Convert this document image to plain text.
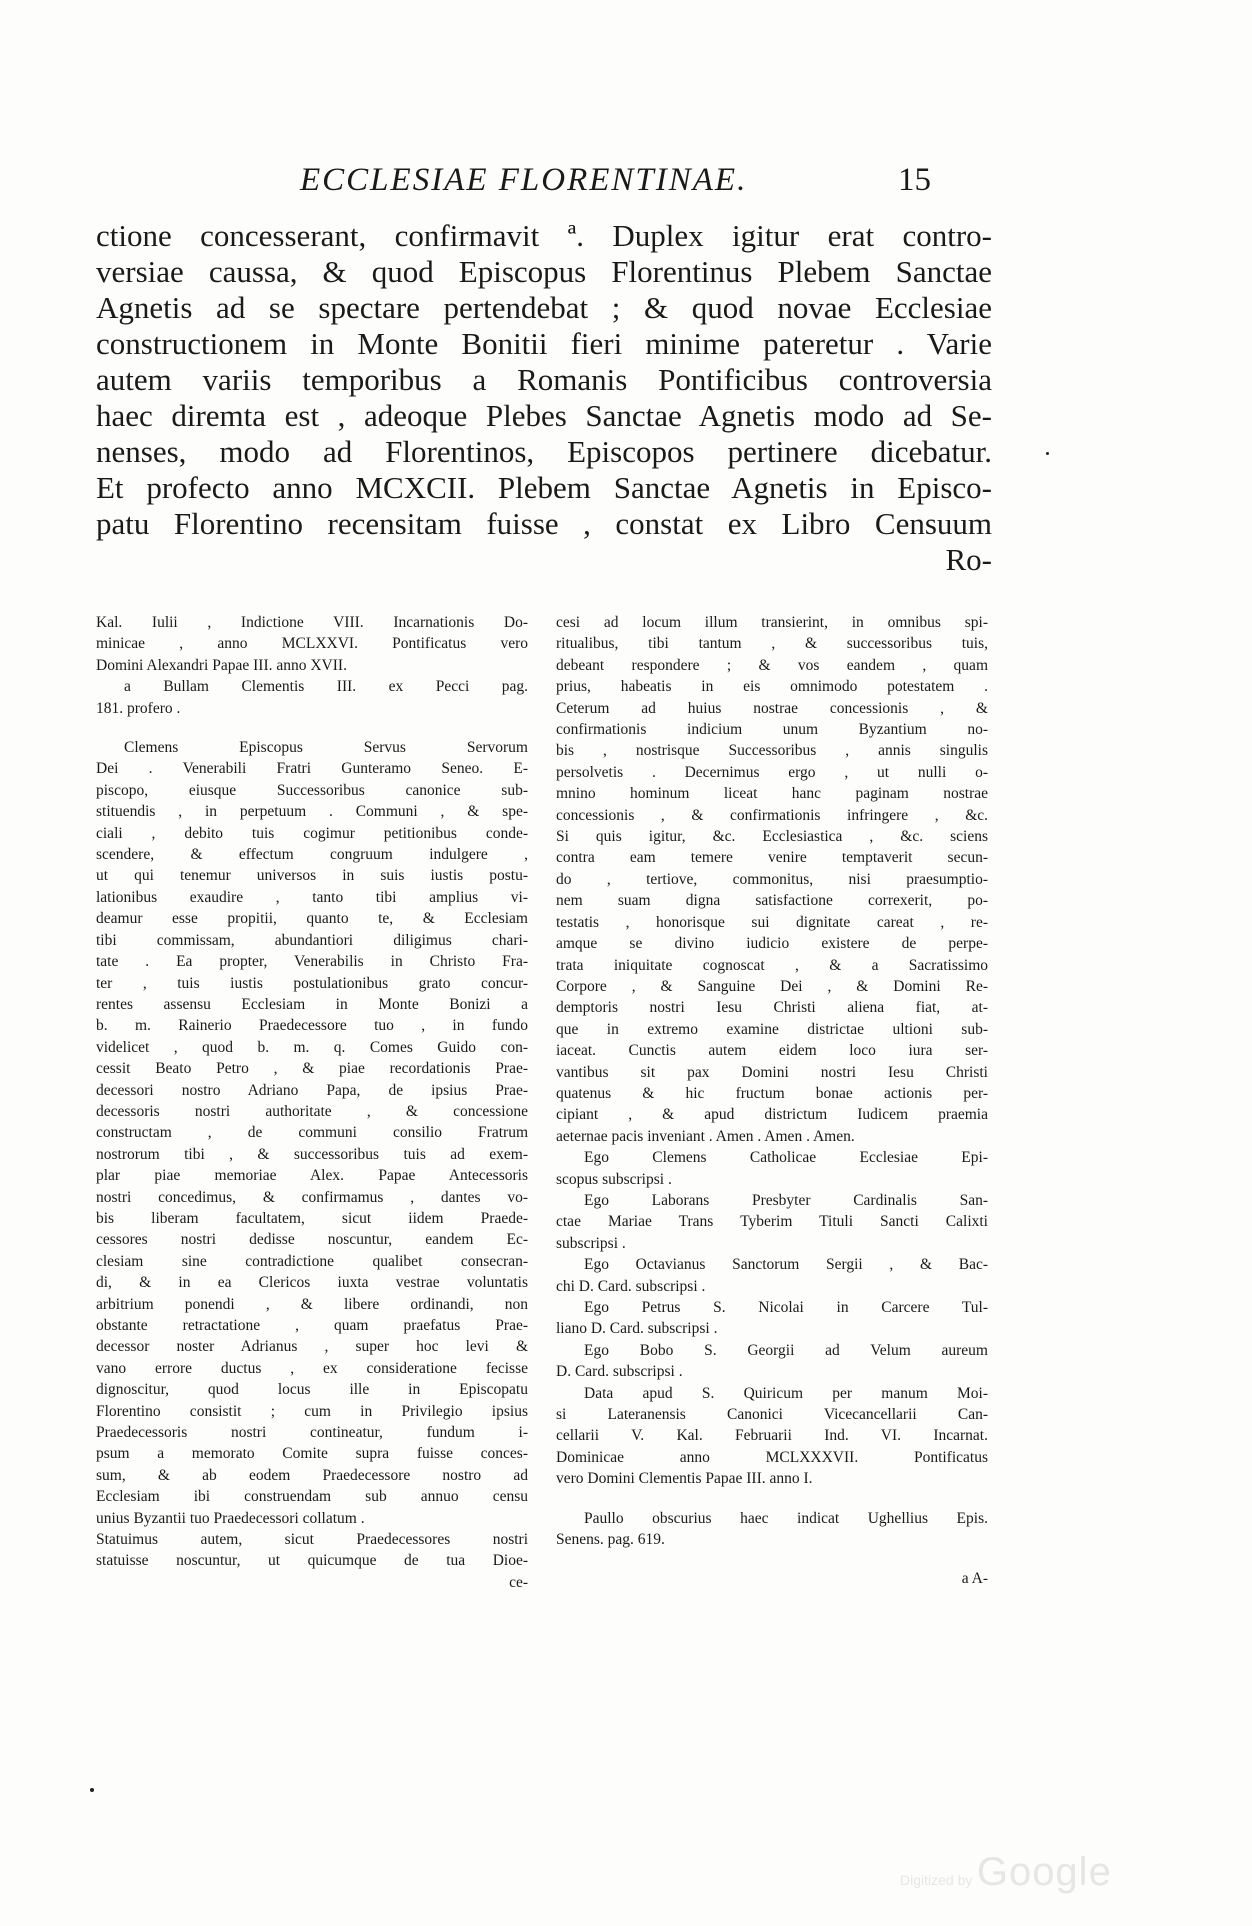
ECCLESIAE FLORENTINAE.	15
ctione concesserant, confirmavit ª. Duplex igitur erat contro-
versiae caussa, & quod Episcopus Florentinus Plebem Sanctae
Agnetis ad se spectare pertendebat ; & quod novae Ecclesiae
constructionem in Monte Bonitii fieri minime pateretur . Varie
autem variis temporibus a Romanis Pontificibus controversia
haec diremta est , adeoque Plebes Sanctae Agnetis modo ad Se-
nenses, modo ad Florentinos, Episcopos pertinere dicebatur.
Et profecto anno MCXCII. Plebem Sanctae Agnetis in Episco-
patu Florentino recensitam fuisse , constat ex Libro Censuum
Ro-
Kal. Iulii , Indictione VIII. Incarnationis Do-
minicae , anno MCLXXVI. Pontificatus vero
Domini Alexandri Papae III. anno XVII.
a Bullam Clementis III. ex Pecci pag.
181. profero .
Clemens Episcopus Servus Servorum
Dei . Venerabili Fratri Gunteramo Seneo. E-
piscopo, eiusque Successoribus canonice sub-
stituendis , in perpetuum . Communi , & spe-
ciali , debito tuis cogimur petitionibus conde-
scendere, & effectum congruum indulgere ,
ut qui tenemur universos in suis iustis postu-
lationibus exaudire , tanto tibi amplius vi-
deamur esse propitii, quanto te, & Ecclesiam
tibi commissam, abundantiori diligimus chari-
tate . Ea propter, Venerabilis in Christo Fra-
ter , tuis iustis postulationibus grato concur-
rentes assensu Ecclesiam in Monte Bonizi a
b. m. Rainerio Praedecessore tuo , in fundo
videlicet , quod b. m. q. Comes Guido con-
cessit Beato Petro , & piae recordationis Prae-
decessori nostro Adriano Papa, de ipsius Prae-
decessoris nostri authoritate , & concessione
constructam , de communi consilio Fratrum
nostrorum tibi , & successoribus tuis ad exem-
plar piae memoriae Alex. Papae Antecessoris
nostri concedimus, & confirmamus , dantes vo-
bis liberam facultatem, sicut iidem Praede-
cessores nostri dedisse noscuntur, eandem Ec-
clesiam sine contradictione qualibet consecran-
di, & in ea Clericos iuxta vestrae voluntatis
arbitrium ponendi , & libere ordinandi, non
obstante retractatione , quam praefatus Prae-
decessor noster Adrianus , super hoc levi &
vano errore ductus , ex consideratione fecisse
dignoscitur, quod locus ille in Episcopatu
Florentino consistit ; cum in Privilegio ipsius
Praedecessoris nostri contineatur, fundum i-
psum a memorato Comite supra fuisse conces-
sum, & ab eodem Praedecessore nostro ad
Ecclesiam ibi construendam sub annuo censu
unius Byzantii tuo Praedecessori collatum .
Statuimus autem, sicut Praedecessores nostri
statuisse noscuntur, ut quicumque de tua Dioe-
ce-
cesi ad locum illum transierint, in omnibus spi-
ritualibus, tibi tantum , & successoribus tuis,
debeant respondere ; & vos eandem , quam
prius, habeatis in eis omnimodo potestatem .
Ceterum ad huius nostrae concessionis , &
confirmationis indicium unum Byzantium no-
bis , nostrisque Successoribus , annis singulis
persolvetis . Decernimus ergo , ut nulli o-
mnino hominum liceat hanc paginam nostrae
concessionis , & confirmationis infringere , &c.
Si quis igitur, &c. Ecclesiastica , &c. sciens
contra eam temere venire temptaverit secun-
do , tertiove, commonitus, nisi praesumptio-
nem suam digna satisfactione correxerit, po-
testatis , honorisque sui dignitate careat , re-
amque se divino iudicio existere de perpe-
trata iniquitate cognoscat , & a Sacratissimo
Corpore , & Sanguine Dei , & Domini Re-
demptoris nostri Iesu Christi aliena fiat, at-
que in extremo examine districtae ultioni sub-
iaceat. Cunctis autem eidem loco iura ser-
vantibus sit pax Domini nostri Iesu Christi
quatenus & hic fructum bonae actionis per-
cipiant , & apud districtum Iudicem praemia
aeternae pacis inveniant . Amen . Amen . Amen.
Ego Clemens Catholicae Ecclesiae Epi-
scopus subscripsi .
Ego Laborans Presbyter Cardinalis San-
ctae Mariae Trans Tyberim Tituli Sancti Calixti
subscripsi .
Ego Octavianus Sanctorum Sergii , & Bac-
chi D. Card. subscripsi .
Ego Petrus S. Nicolai in Carcere Tul-
liano D. Card. subscripsi .
Ego Bobo S. Georgii ad Velum aureum
D. Card. subscripsi .
Data apud S. Quiricum per manum Moi-
si Lateranensis Canonici Vicecancellarii Can-
cellarii V. Kal. Februarii Ind. VI. Incarnat.
Dominicae anno MCLXXXVII. Pontificatus
vero Domini Clementis Papae III. anno I.
Paullo obscurius haec indicat Ughellius Epis.
Senens. pag. 619.
a A-
Digitized by Google
